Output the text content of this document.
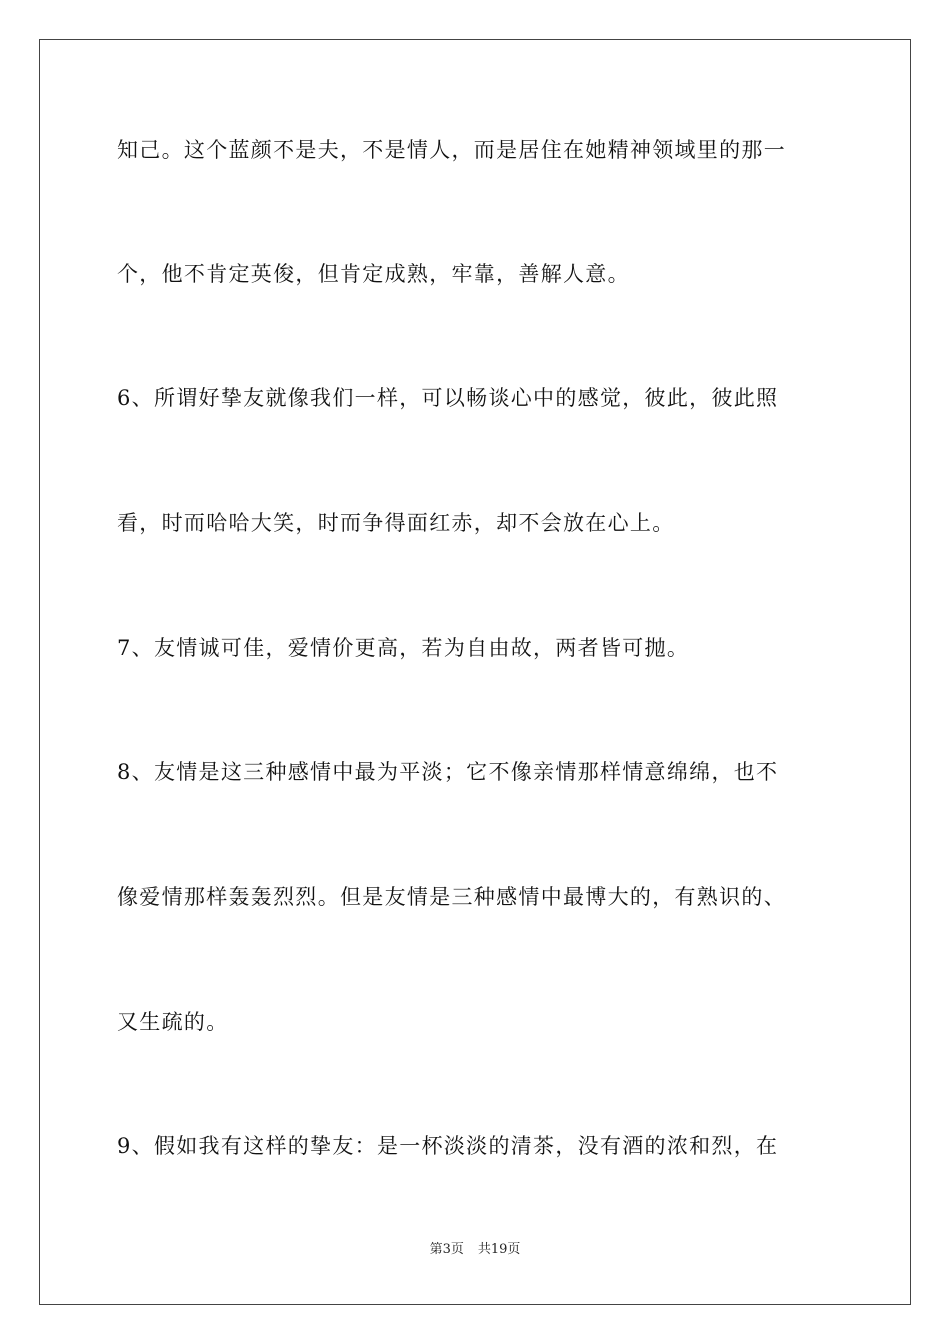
知己。这个蓝颜不是夫，不是情人，而是居住在她精神领域里的那一
个，他不肯定英俊，但肯定成熟，牢靠，善解人意。
6、所谓好挚友就像我们一样，可以畅谈心中的感觉，彼此，彼此照
看，时而哈哈大笑，时而争得面红赤，却不会放在心上。
7、友情诚可佳，爱情价更高，若为自由故，两者皆可抛。
8、友情是这三种感情中最为平淡；它不像亲情那样情意绵绵，也不
像爱情那样轰轰烈烈。但是友情是三种感情中最博大的，有熟识的、
又生疏的。
9、假如我有这样的挚友：是一杯淡淡的清茶，没有酒的浓和烈，在
第3页 共19页
